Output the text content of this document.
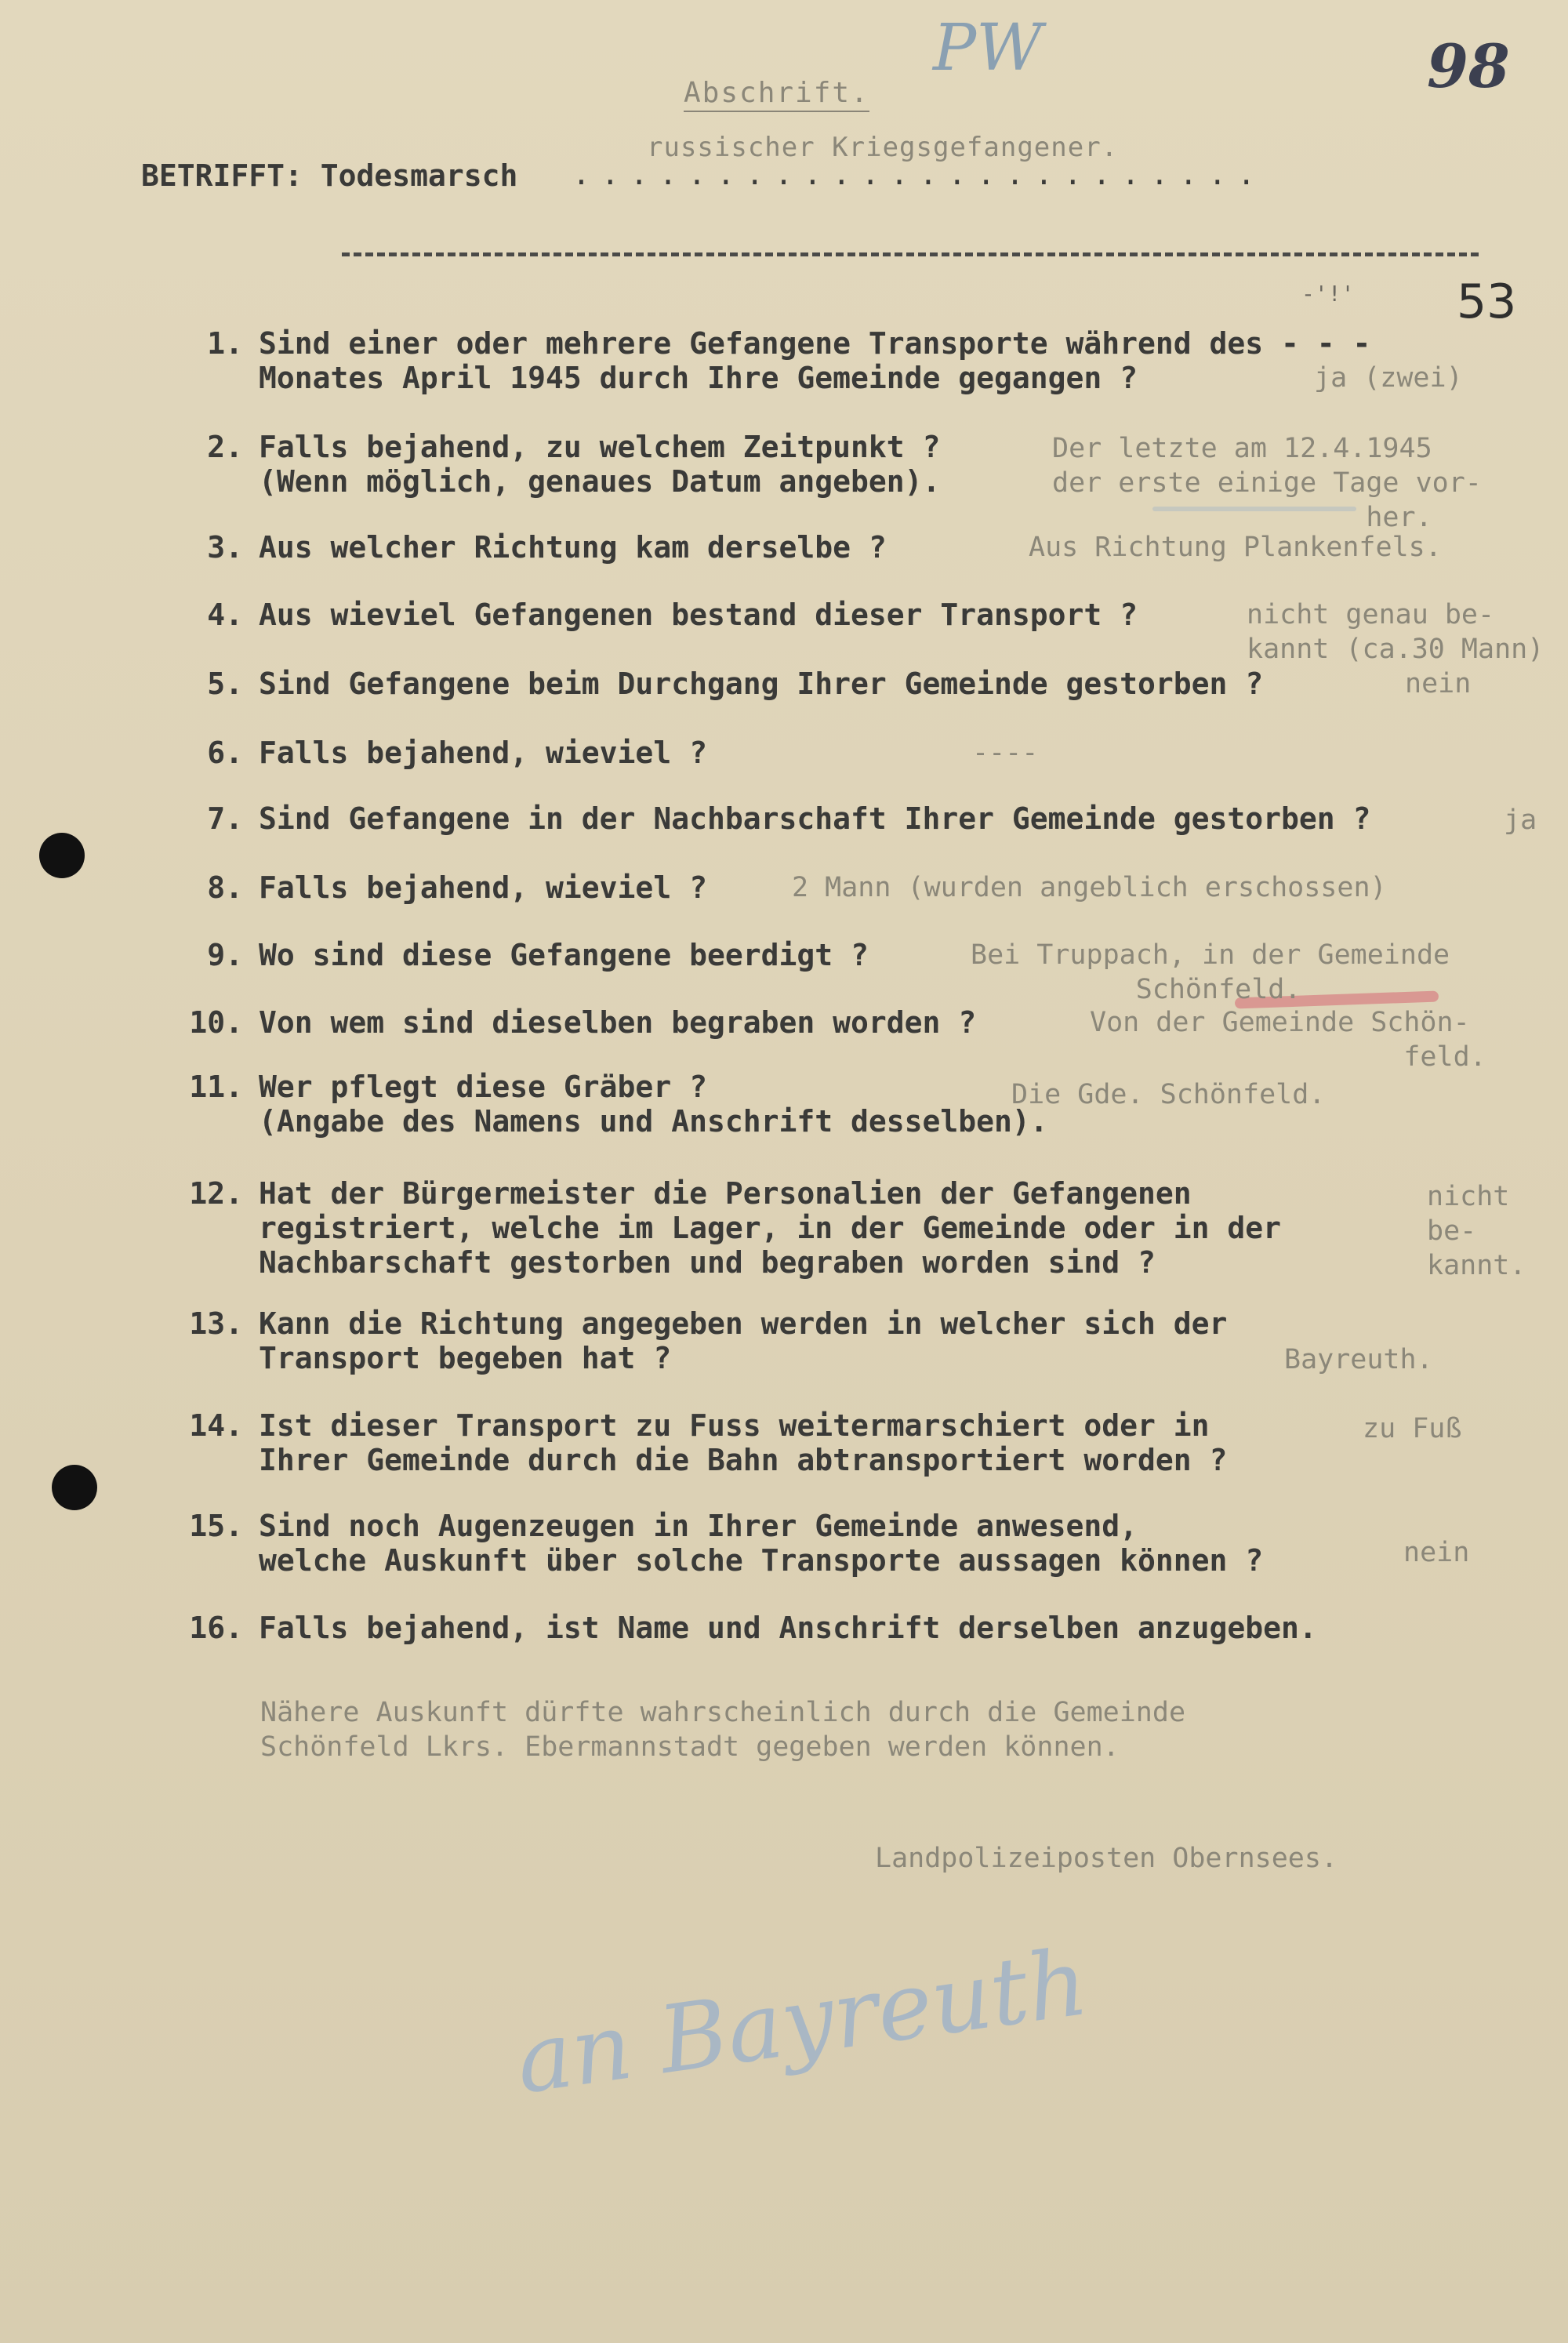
PW	98
Abschrift.
russischer Kriegsgefangener.
BETRIFFT: Todesmarsch ........................
-'!' 53
1. Sind einer oder mehrere Gefangene Transporte während des - - -
Monates April 1945 durch Ihre Gemeinde gegangen ?	
ja (zwei)
2. Falls bejahend, zu welchem Zeitpunkt ?
(Wenn möglich, genaues Datum angeben).
Der letzte am 12.4.1945
der erste einige Tage vor-
her.
3. Aus welcher Richtung kam derselbe ?	Aus Richtung Plankenfels.
4. Aus wieviel Gefangenen bestand dieser Transport ?	nicht genau be-
kannt (ca.30 Mann)
5. Sind Gefangene beim Durchgang Ihrer Gemeinde gestorben ?	nein
6. Falls bejahend, wieviel ?	----
7. Sind Gefangene in der Nachbarschaft Ihrer Gemeinde gestorben ?	ja
8. Falls bejahend, wieviel ?	2 Mann (wurden angeblich erschossen)
9. Wo sind diese Gefangene beerdigt ?	Bei Truppach, in der Gemeinde
Schönfeld.
10. Von wem sind dieselben begraben worden ?	Von der Gemeinde Schön-
feld.
11. Wer pflegt diese Gräber ?
(Angabe des Namens und Anschrift desselben).
Die Gde. Schönfeld.
12. Hat der Bürgermeister die Personalien der Gefangenen
registriert, welche im Lager, in der Gemeinde oder in der
Nachbarschaft gestorben und begraben worden sind ?
nicht
be-
kannt.
13. Kann die Richtung angegeben werden in welcher sich der
Transport begeben hat ?	Bayreuth.
14. Ist dieser Transport zu Fuss weitermarschiert oder in
Ihrer Gemeinde durch die Bahn abtransportiert worden ?
zu Fuß
15. Sind noch Augenzeugen in Ihrer Gemeinde anwesend,
welche Auskunft über solche Transporte aussagen können ?	nein
16. Falls bejahend, ist Name und Anschrift derselben anzugeben.
Nähere Auskunft dürfte wahrscheinlich durch die Gemeinde
Schönfeld Lkrs. Ebermannstadt gegeben werden können.
Landpolizeiposten Obernsees.
an Bayreuth
